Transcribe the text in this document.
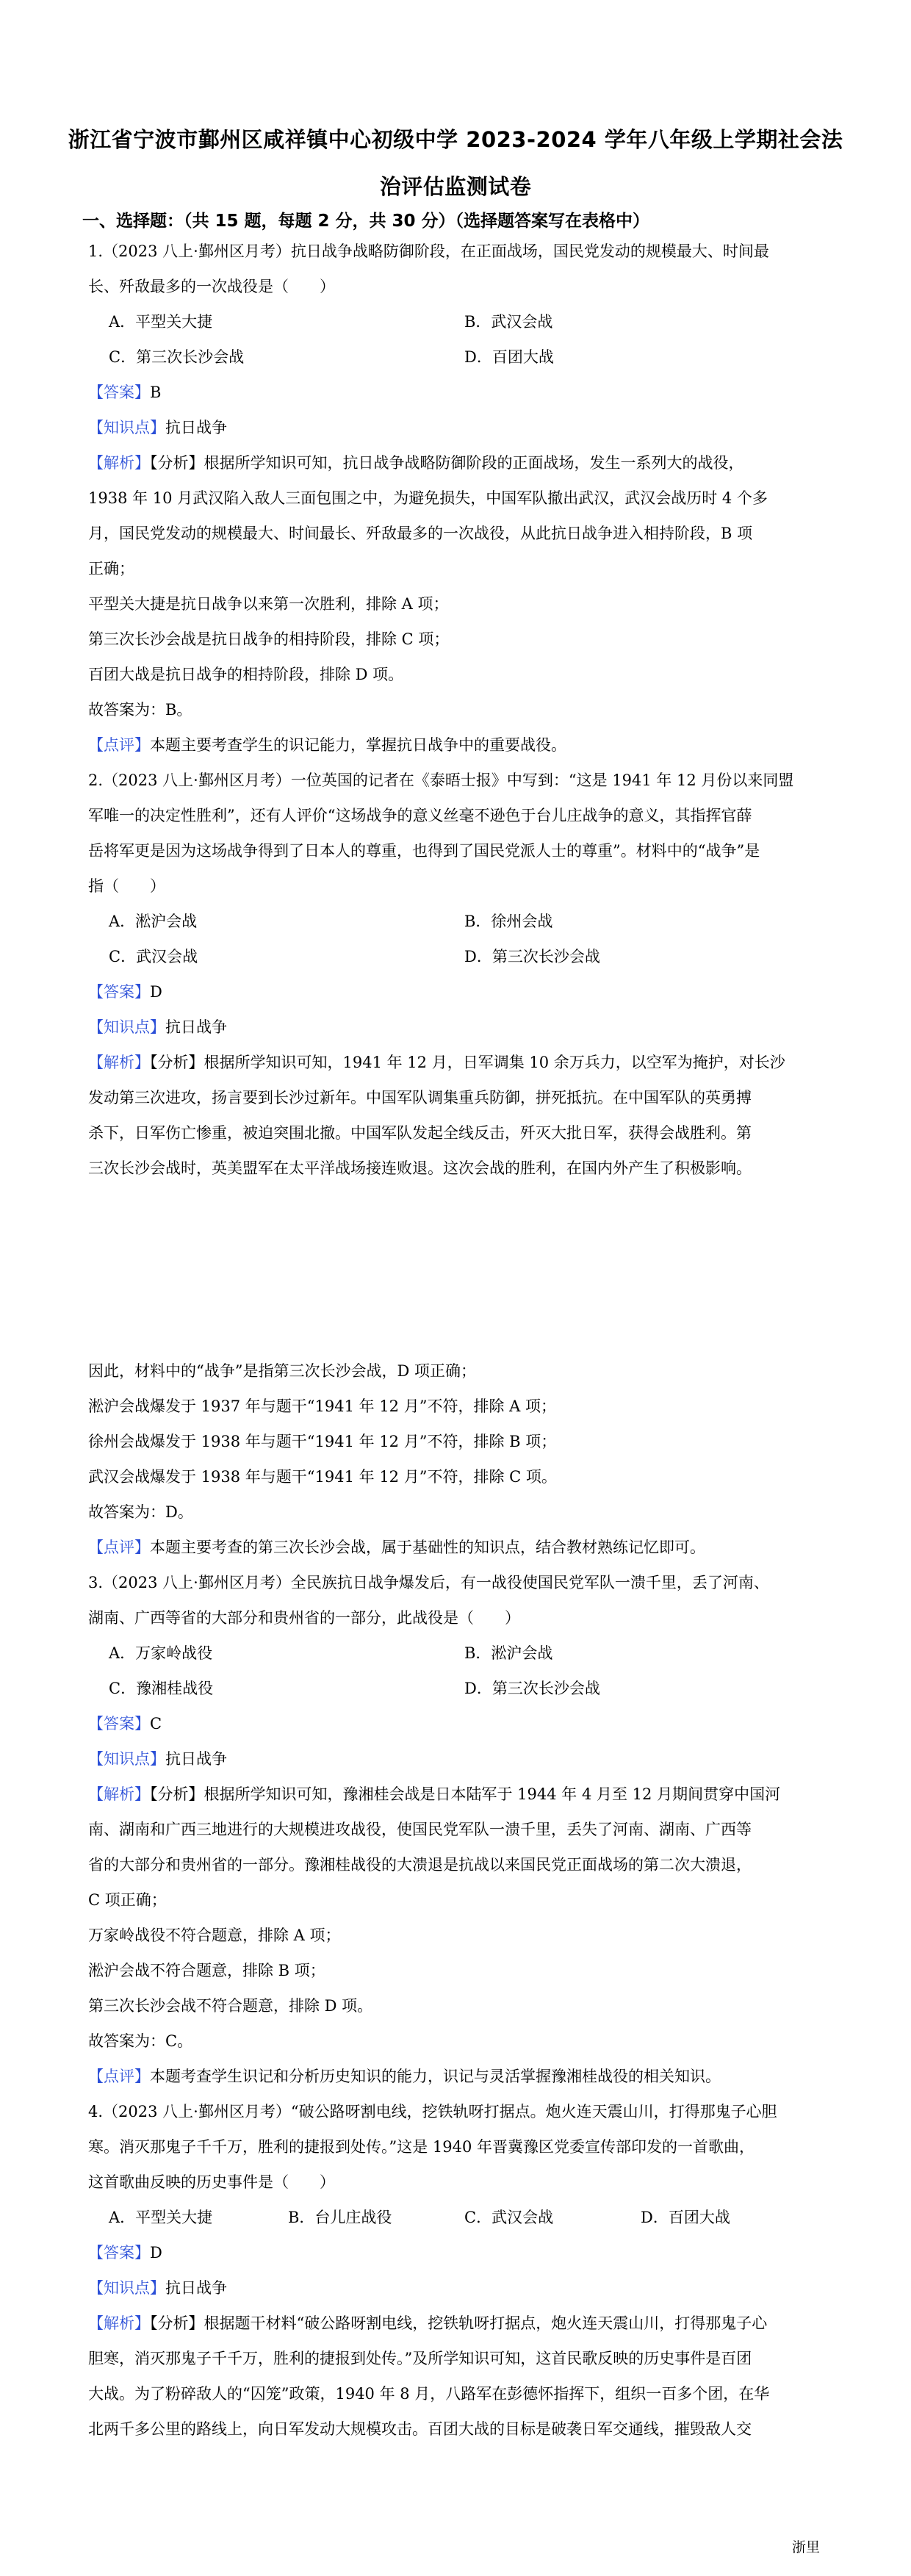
浙江省宁波市鄞州区咸祥镇中心初级中学 2023-2024 学年八年级上学期社会法
治评估监测试卷
一、选择题：（共 15 题，每题 2 分，共 30 分）（选择题答案写在表格中）
1.（2023 八上·鄞州区月考）抗日战争战略防御阶段，在正面战场，国民党发动的规模最大、时间最
长、歼敌最多的一次战役是（　　）
A．平型关大捷	B．武汉会战
C．第三次长沙会战	D．百团大战
【答案】B
【知识点】抗日战争
【解析】【分析】根据所学知识可知，抗日战争战略防御阶段的正面战场，发生一系列大的战役，
1938 年 10 月武汉陷入敌人三面包围之中，为避免损失，中国军队撤出武汉，武汉会战历时 4 个多
月，国民党发动的规模最大、时间最长、歼敌最多的一次战役，从此抗日战争进入相持阶段，B 项
正确；
平型关大捷是抗日战争以来第一次胜利，排除 A 项；
第三次长沙会战是抗日战争的相持阶段，排除 C 项；
百团大战是抗日战争的相持阶段，排除 D 项。
故答案为：B。
【点评】本题主要考查学生的识记能力，掌握抗日战争中的重要战役。
2.（2023 八上·鄞州区月考）一位英国的记者在《泰晤士报》中写到：“这是 1941 年 12 月份以来同盟
军唯一的决定性胜利”，还有人评价“这场战争的意义丝毫不逊色于台儿庄战争的意义，其指挥官薛
岳将军更是因为这场战争得到了日本人的尊重，也得到了国民党派人士的尊重”。材料中的“战争”是
指（　　）
A．淞沪会战	B．徐州会战
C．武汉会战	D．第三次长沙会战
【答案】D
【知识点】抗日战争
【解析】【分析】根据所学知识可知，1941 年 12 月，日军调集 10 余万兵力，以空军为掩护，对长沙
发动第三次进攻，扬言要到长沙过新年。中国军队调集重兵防御，拼死抵抗。在中国军队的英勇搏
杀下，日军伤亡惨重，被迫突围北撤。中国军队发起全线反击，歼灭大批日军，获得会战胜利。第
三次长沙会战时，英美盟军在太平洋战场接连败退。这次会战的胜利，在国内外产生了积极影响。
因此，材料中的“战争”是指第三次长沙会战，D 项正确；
淞沪会战爆发于 1937 年与题干“1941 年 12 月”不符，排除 A 项；
徐州会战爆发于 1938 年与题干“1941 年 12 月”不符，排除 B 项；
武汉会战爆发于 1938 年与题干“1941 年 12 月”不符，排除 C 项。
故答案为：D。
【点评】本题主要考查的第三次长沙会战，属于基础性的知识点，结合教材熟练记忆即可。
3.（2023 八上·鄞州区月考）全民族抗日战争爆发后，有一战役使国民党军队一溃千里，丢了河南、
湖南、广西等省的大部分和贵州省的一部分，此战役是（　　）
A．万家岭战役	B．淞沪会战
C．豫湘桂战役	D．第三次长沙会战
【答案】C
【知识点】抗日战争
【解析】【分析】根据所学知识可知，豫湘桂会战是日本陆军于 1944 年 4 月至 12 月期间贯穿中国河
南、湖南和广西三地进行的大规模进攻战役，使国民党军队一溃千里，丢失了河南、湖南、广西等
省的大部分和贵州省的一部分。豫湘桂战役的大溃退是抗战以来国民党正面战场的第二次大溃退，
C 项正确；
万家岭战役不符合题意，排除 A 项；
淞沪会战不符合题意，排除 B 项；
第三次长沙会战不符合题意，排除 D 项。
故答案为：C。
【点评】本题考查学生识记和分析历史知识的能力，识记与灵活掌握豫湘桂战役的相关知识。
4.（2023 八上·鄞州区月考）“破公路呀割电线，挖铁轨呀打据点。炮火连天震山川，打得那鬼子心胆
寒。消灭那鬼子千千万，胜利的捷报到处传。”这是 1940 年晋冀豫区党委宣传部印发的一首歌曲，
这首歌曲反映的历史事件是（　　）
A．平型关大捷	B．台儿庄战役	C．武汉会战	D．百团大战
【答案】D
【知识点】抗日战争
【解析】【分析】根据题干材料“破公路呀割电线，挖铁轨呀打据点，炮火连天震山川，打得那鬼子心
胆寒，消灭那鬼子千千万，胜利的捷报到处传。”及所学知识可知，这首民歌反映的历史事件是百团
大战。为了粉碎敌人的“囚笼”政策，1940 年 8 月，八路军在彭德怀指挥下，组织一百多个团，在华
北两千多公里的路线上，向日军发动大规模攻击。百团大战的目标是破袭日军交通线，摧毁敌人交
浙里
